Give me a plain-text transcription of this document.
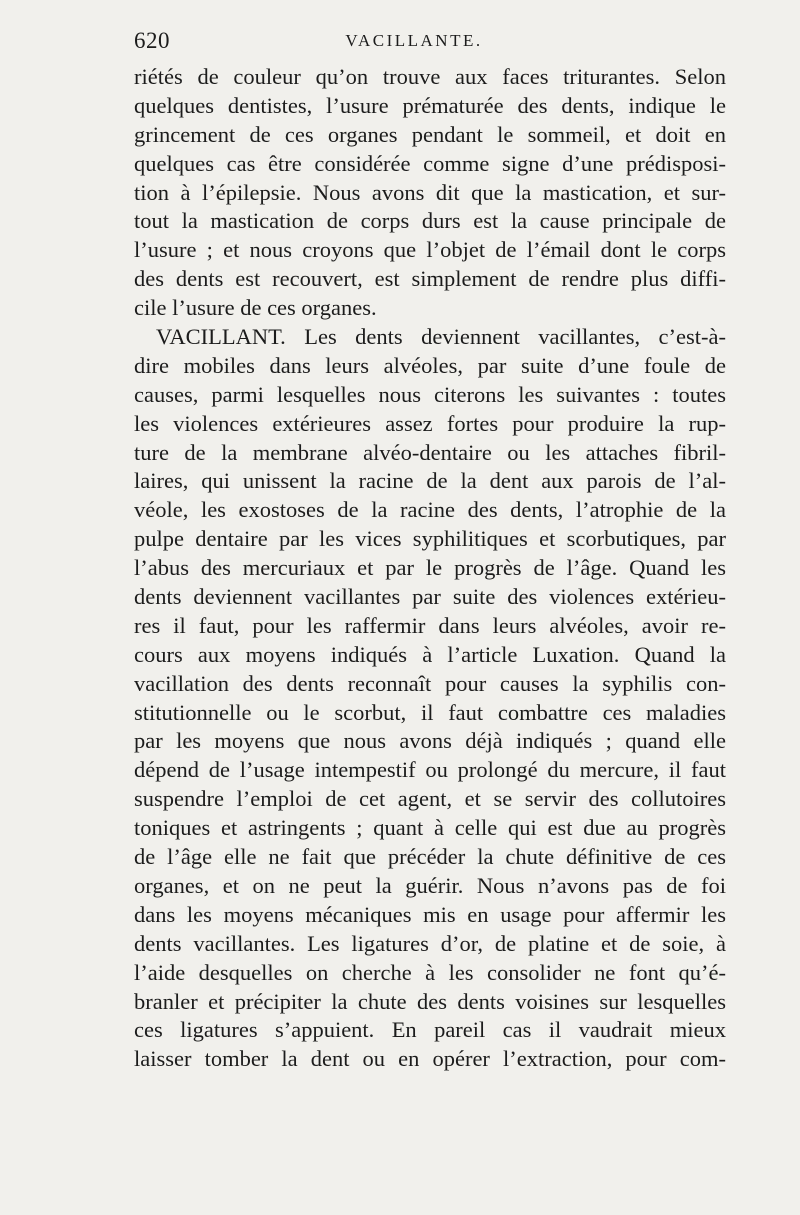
620	VACILLANTE.
riétés de couleur qu’on trouve aux faces triturantes. Selon
quelques dentistes, l’usure prématurée des dents, indique le
grincement de ces organes pendant le sommeil, et doit en
quelques cas être considérée comme signe d’une prédisposi-
tion à l’épilepsie. Nous avons dit que la mastication, et sur-
tout la mastication de corps durs est la cause principale de
l’usure ; et nous croyons que l’objet de l’émail dont le corps
des dents est recouvert, est simplement de rendre plus diffi-
cile l’usure de ces organes.
VACILLANT. Les dents deviennent vacillantes, c’est-à-
dire mobiles dans leurs alvéoles, par suite d’une foule de
causes, parmi lesquelles nous citerons les suivantes : toutes
les violences extérieures assez fortes pour produire la rup-
ture de la membrane alvéo-dentaire ou les attaches fibril-
laires, qui unissent la racine de la dent aux parois de l’al-
véole, les exostoses de la racine des dents, l’atrophie de la
pulpe dentaire par les vices syphilitiques et scorbutiques, par
l’abus des mercuriaux et par le progrès de l’âge. Quand les
dents deviennent vacillantes par suite des violences extérieu-
res il faut, pour les raffermir dans leurs alvéoles, avoir re-
cours aux moyens indiqués à l’article Luxation. Quand la
vacillation des dents reconnaît pour causes la syphilis con-
stitutionnelle ou le scorbut, il faut combattre ces maladies
par les moyens que nous avons déjà indiqués ; quand elle
dépend de l’usage intempestif ou prolongé du mercure, il faut
suspendre l’emploi de cet agent, et se servir des collutoires
toniques et astringents ; quant à celle qui est due au progrès
de l’âge elle ne fait que précéder la chute définitive de ces
organes, et on ne peut la guérir. Nous n’avons pas de foi
dans les moyens mécaniques mis en usage pour affermir les
dents vacillantes. Les ligatures d’or, de platine et de soie, à
l’aide desquelles on cherche à les consolider ne font qu’é-
branler et précipiter la chute des dents voisines sur lesquelles
ces ligatures s’appuient. En pareil cas il vaudrait mieux
laisser tomber la dent ou en opérer l’extraction, pour com-
